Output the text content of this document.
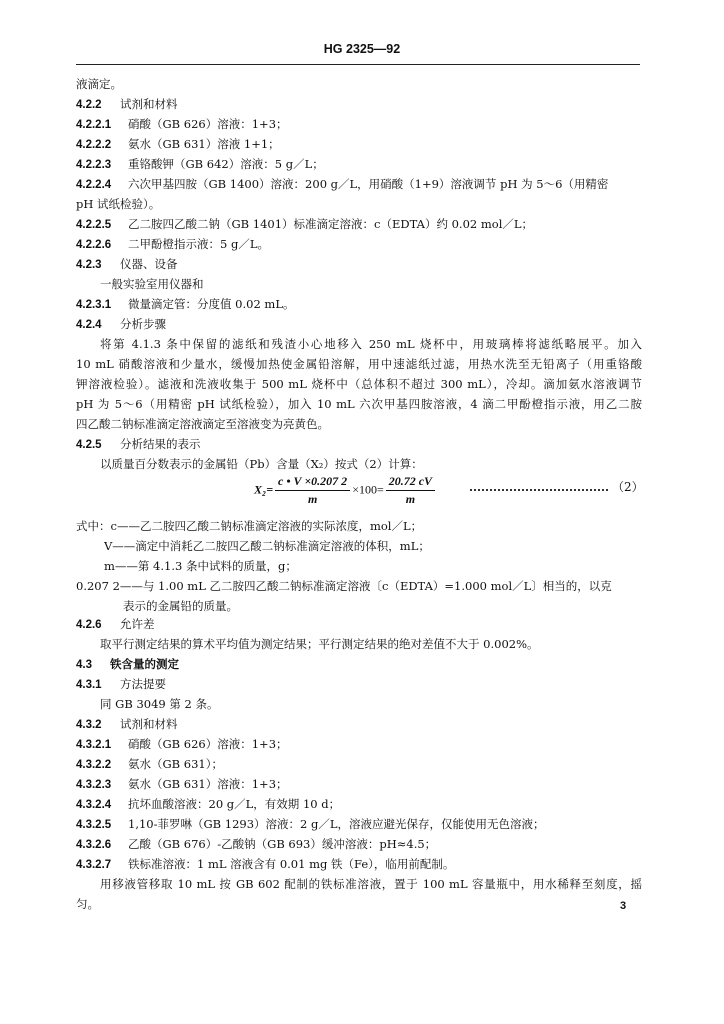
HG 2325—92
液滴定。
4.2.2 试剂和材料
4.2.2.1 硝酸（GB 626）溶液：1+3；
4.2.2.2 氨水（GB 631）溶液 1+1；
4.2.2.3 重铬酸钾（GB 642）溶液：5 g／L；
4.2.2.4 六次甲基四胺（GB 1400）溶液：200 g／L，用硝酸（1+9）溶液调节 pH 为 5～6（用精密
pH 试纸检验）。
4.2.2.5 乙二胺四乙酸二钠（GB 1401）标准滴定溶液：c（EDTA）约 0.02 mol／L；
4.2.2.6 二甲酚橙指示液：5 g／L。
4.2.3 仪器、设备
一般实验室用仪器和
4.2.3.1 微量滴定管：分度值 0.02 mL。
4.2.4 分析步骤
将第 4.1.3 条中保留的滤纸和残渣小心地移入 250 mL 烧杯中，用玻璃棒将滤纸略展平。加入
10 mL 硝酸溶液和少量水，缓慢加热使金属铅溶解，用中速滤纸过滤，用热水洗至无铅离子（用重铬酸
钾溶液检验）。滤液和洗液收集于 500 mL 烧杯中（总体积不超过 300 mL），冷却。滴加氨水溶液调节
pH 为 5～6（用精密 pH 试纸检验），加入 10 mL 六次甲基四胺溶液，4 滴二甲酚橙指示液，用乙二胺
四乙酸二钠标准滴定溶液滴定至溶液变为亮黄色。
4.2.5 分析结果的表示
以质量百分数表示的金属铅（Pb）含量（X₂）按式（2）计算：
$X_2= \frac{c • V \times 0.207 2}{m} \times 100= \frac{20.72 cV}{m}$	（2）
式中：c——乙二胺四乙酸二钠标准滴定溶液的实际浓度，mol／L；
V——滴定中消耗乙二胺四乙酸二钠标准滴定溶液的体积，mL；
m——第 4.1.3 条中试料的质量，g；
0.207 2——与 1.00 mL 乙二胺四乙酸二钠标准滴定溶液〔c（EDTA）=1.000 mol／L〕相当的，以克
表示的金属铅的质量。
4.2.6 允许差
取平行测定结果的算术平均值为测定结果；平行测定结果的绝对差值不大于 0.002%。
4.3 铁含量的测定
4.3.1 方法提要
同 GB 3049 第 2 条。
4.3.2 试剂和材料
4.3.2.1 硝酸（GB 626）溶液：1+3；
4.3.2.2 氨水（GB 631）；
4.3.2.3 氨水（GB 631）溶液：1+3；
4.3.2.4 抗坏血酸溶液：20 g／L，有效期 10 d；
4.3.2.5 1,10-菲罗啉（GB 1293）溶液：2 g／L，溶液应避光保存，仅能使用无色溶液；
4.3.2.6 乙酸（GB 676）-乙酸钠（GB 693）缓冲溶液：pH≈4.5；
4.3.2.7 铁标准溶液：1 mL 溶液含有 0.01 mg 铁（Fe），临用前配制。
用移液管移取 10 mL 按 GB 602 配制的铁标准溶液，置于 100 mL 容量瓶中，用水稀释至刻度，摇
匀。	3
